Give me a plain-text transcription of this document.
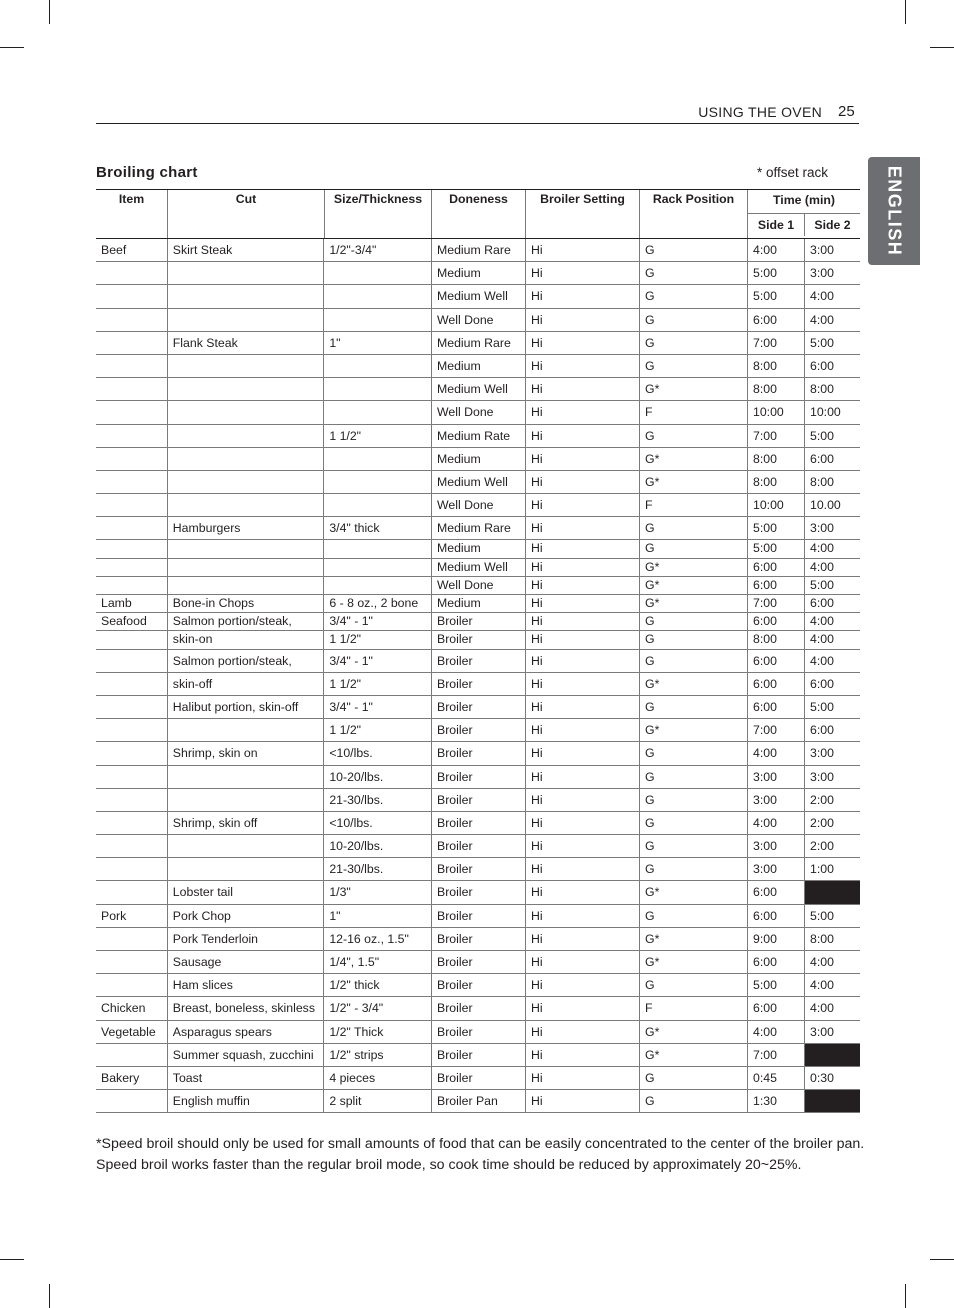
USING THE OVEN 25
ENGLISH
Broiling chart	* offset rack
Item	Cut	Size/Thickness	Doneness	Broiler Setting	Rack Position	Time (min)
Side 1	Side 2
Beef	Skirt Steak	1/2"-3/4"	Medium Rare	Hi	G	4:00	3:00
Medium	Hi	G	5:00	3:00
Medium Well	Hi	G	5:00	4:00
Well Done	Hi	G	6:00	4:00
Flank Steak	1"	Medium Rare	Hi	G	7:00	5:00
Medium	Hi	G	8:00	6:00
Medium Well	Hi	G*	8:00	8:00
Well Done	Hi	F	10:00	10:00
1 1/2"	Medium Rate	Hi	G	7:00	5:00
Medium	Hi	G*	8:00	6:00
Medium Well	Hi	G*	8:00	8:00
Well Done	Hi	F	10:00	10.00
Hamburgers	3/4" thick	Medium Rare	Hi	G	5:00	3:00
Medium	Hi	G	5:00	4:00
Medium Well	Hi	G*	6:00	4:00
Well Done	Hi	G*	6:00	5:00
Lamb	Bone-in Chops	6 - 8 oz., 2 bone	Medium	Hi	G*	7:00	6:00
Seafood	Salmon portion/steak,	3/4" - 1"	Broiler	Hi	G	6:00	4:00
skin-on	1 1/2"	Broiler	Hi	G	8:00	4:00
Salmon portion/steak,	3/4" - 1"	Broiler	Hi	G	6:00	4:00
skin-off	1 1/2"	Broiler	Hi	G*	6:00	6:00
Halibut portion, skin-off	3/4" - 1"	Broiler	Hi	G	6:00	5:00
1 1/2"	Broiler	Hi	G*	7:00	6:00
Shrimp, skin on	<10/lbs.	Broiler	Hi	G	4:00	3:00
10-20/lbs.	Broiler	Hi	G	3:00	3:00
21-30/lbs.	Broiler	Hi	G	3:00	2:00
Shrimp, skin off	<10/lbs.	Broiler	Hi	G	4:00	2:00
10-20/lbs.	Broiler	Hi	G	3:00	2:00
21-30/lbs.	Broiler	Hi	G	3:00	1:00
Lobster tail	1/3"	Broiler	Hi	G*	6:00
Pork	Pork Chop	1"	Broiler	Hi	G	6:00	5:00
Pork Tenderloin	12-16 oz., 1.5"	Broiler	Hi	G*	9:00	8:00
Sausage	1/4", 1.5"	Broiler	Hi	G*	6:00	4:00
Ham slices	1/2" thick	Broiler	Hi	G	5:00	4:00
Chicken	Breast, boneless, skinless	1/2" - 3/4"	Broiler	Hi	F	6:00	4:00
Vegetable	Asparagus spears	1/2" Thick	Broiler	Hi	G*	4:00	3:00
Summer squash, zucchini	1/2" strips	Broiler	Hi	G*	7:00
Bakery	Toast	4 pieces	Broiler	Hi	G	0:45	0:30
English muffin	2 split	Broiler Pan	Hi	G	1:30
*Speed broil should only be used for small amounts of food that can be easily concentrated to the center of the broiler pan.
Speed broil works faster than the regular broil mode, so cook time should be reduced by approximately 20~25%.
